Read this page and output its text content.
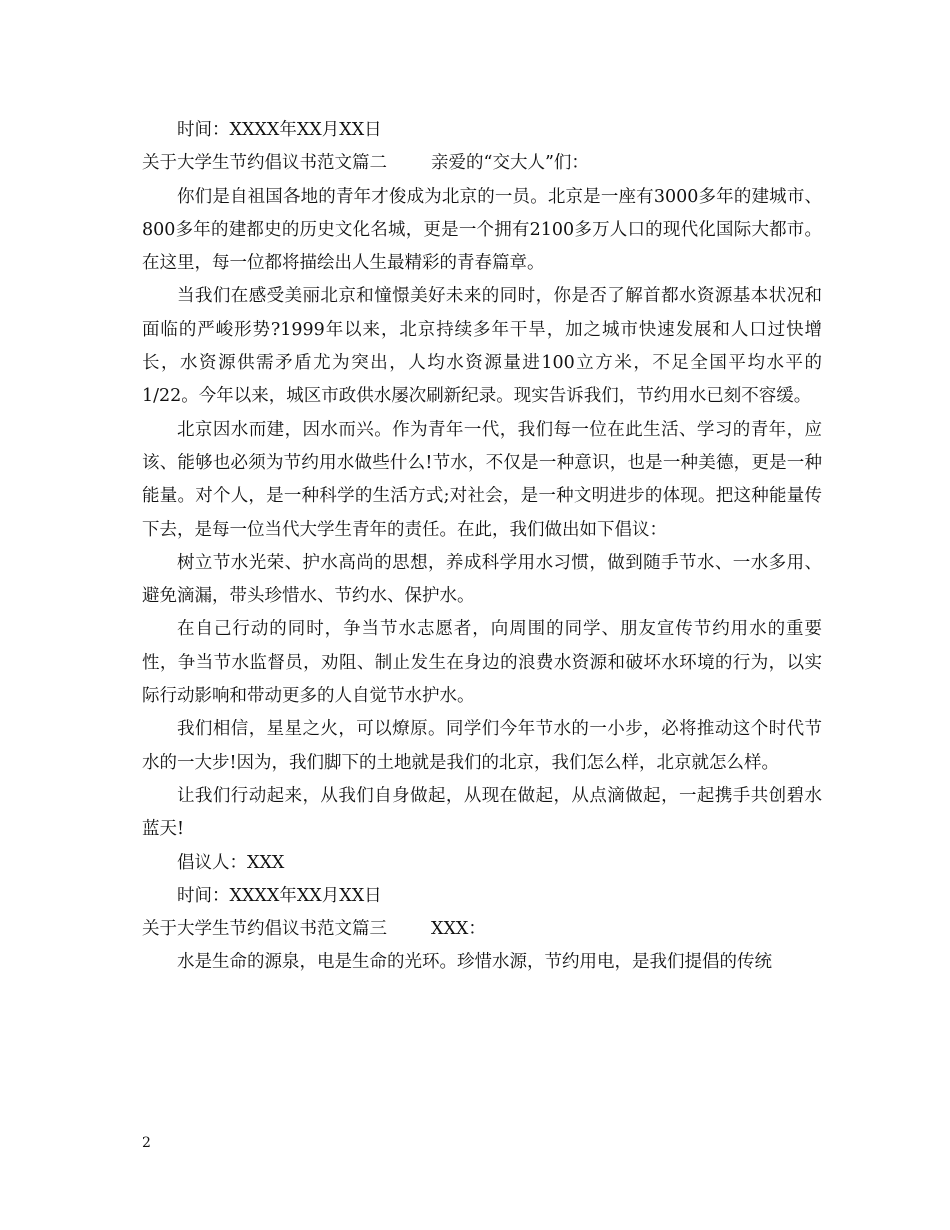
时间：XXXX年XX月XX日

关于大学生节约倡议书范文篇二	亲爱的“交大人”们：

你们是自祖国各地的青年才俊成为北京的一员。北京是一座有3000多年的建城市、800多年的建都史的历史文化名城，更是一个拥有2100多万人口的现代化国际大都市。在这里，每一位都将描绘出人生最精彩的青春篇章。

当我们在感受美丽北京和憧憬美好未来的同时，你是否了解首都水资源基本状况和面临的严峻形势?1999年以来，北京持续多年干旱，加之城市快速发展和人口过快增长，水资源供需矛盾尤为突出，人均水资源量进100立方米，不足全国平均水平的1/22。今年以来，城区市政供水屡次刷新纪录。现实告诉我们，节约用水已刻不容缓。

北京因水而建，因水而兴。作为青年一代，我们每一位在此生活、学习的青年，应该、能够也必须为节约用水做些什么!节水，不仅是一种意识，也是一种美德，更是一种能量。对个人，是一种科学的生活方式;对社会，是一种文明进步的体现。把这种能量传下去，是每一位当代大学生青年的责任。在此，我们做出如下倡议：

树立节水光荣、护水高尚的思想，养成科学用水习惯，做到随手节水、一水多用、避免滴漏，带头珍惜水、节约水、保护水。

在自己行动的同时，争当节水志愿者，向周围的同学、朋友宣传节约用水的重要性，争当节水监督员，劝阻、制止发生在身边的浪费水资源和破坏水环境的行为，以实际行动影响和带动更多的人自觉节水护水。

我们相信，星星之火，可以燎原。同学们今年节水的一小步，必将推动这个时代节水的一大步!因为，我们脚下的土地就是我们的北京，我们怎么样，北京就怎么样。

让我们行动起来，从我们自身做起，从现在做起，从点滴做起，一起携手共创碧水蓝天!

倡议人：XXX

时间：XXXX年XX月XX日

关于大学生节约倡议书范文篇三	XXX：

水是生命的源泉，电是生命的光环。珍惜水源，节约用电，是我们提倡的传统

2
